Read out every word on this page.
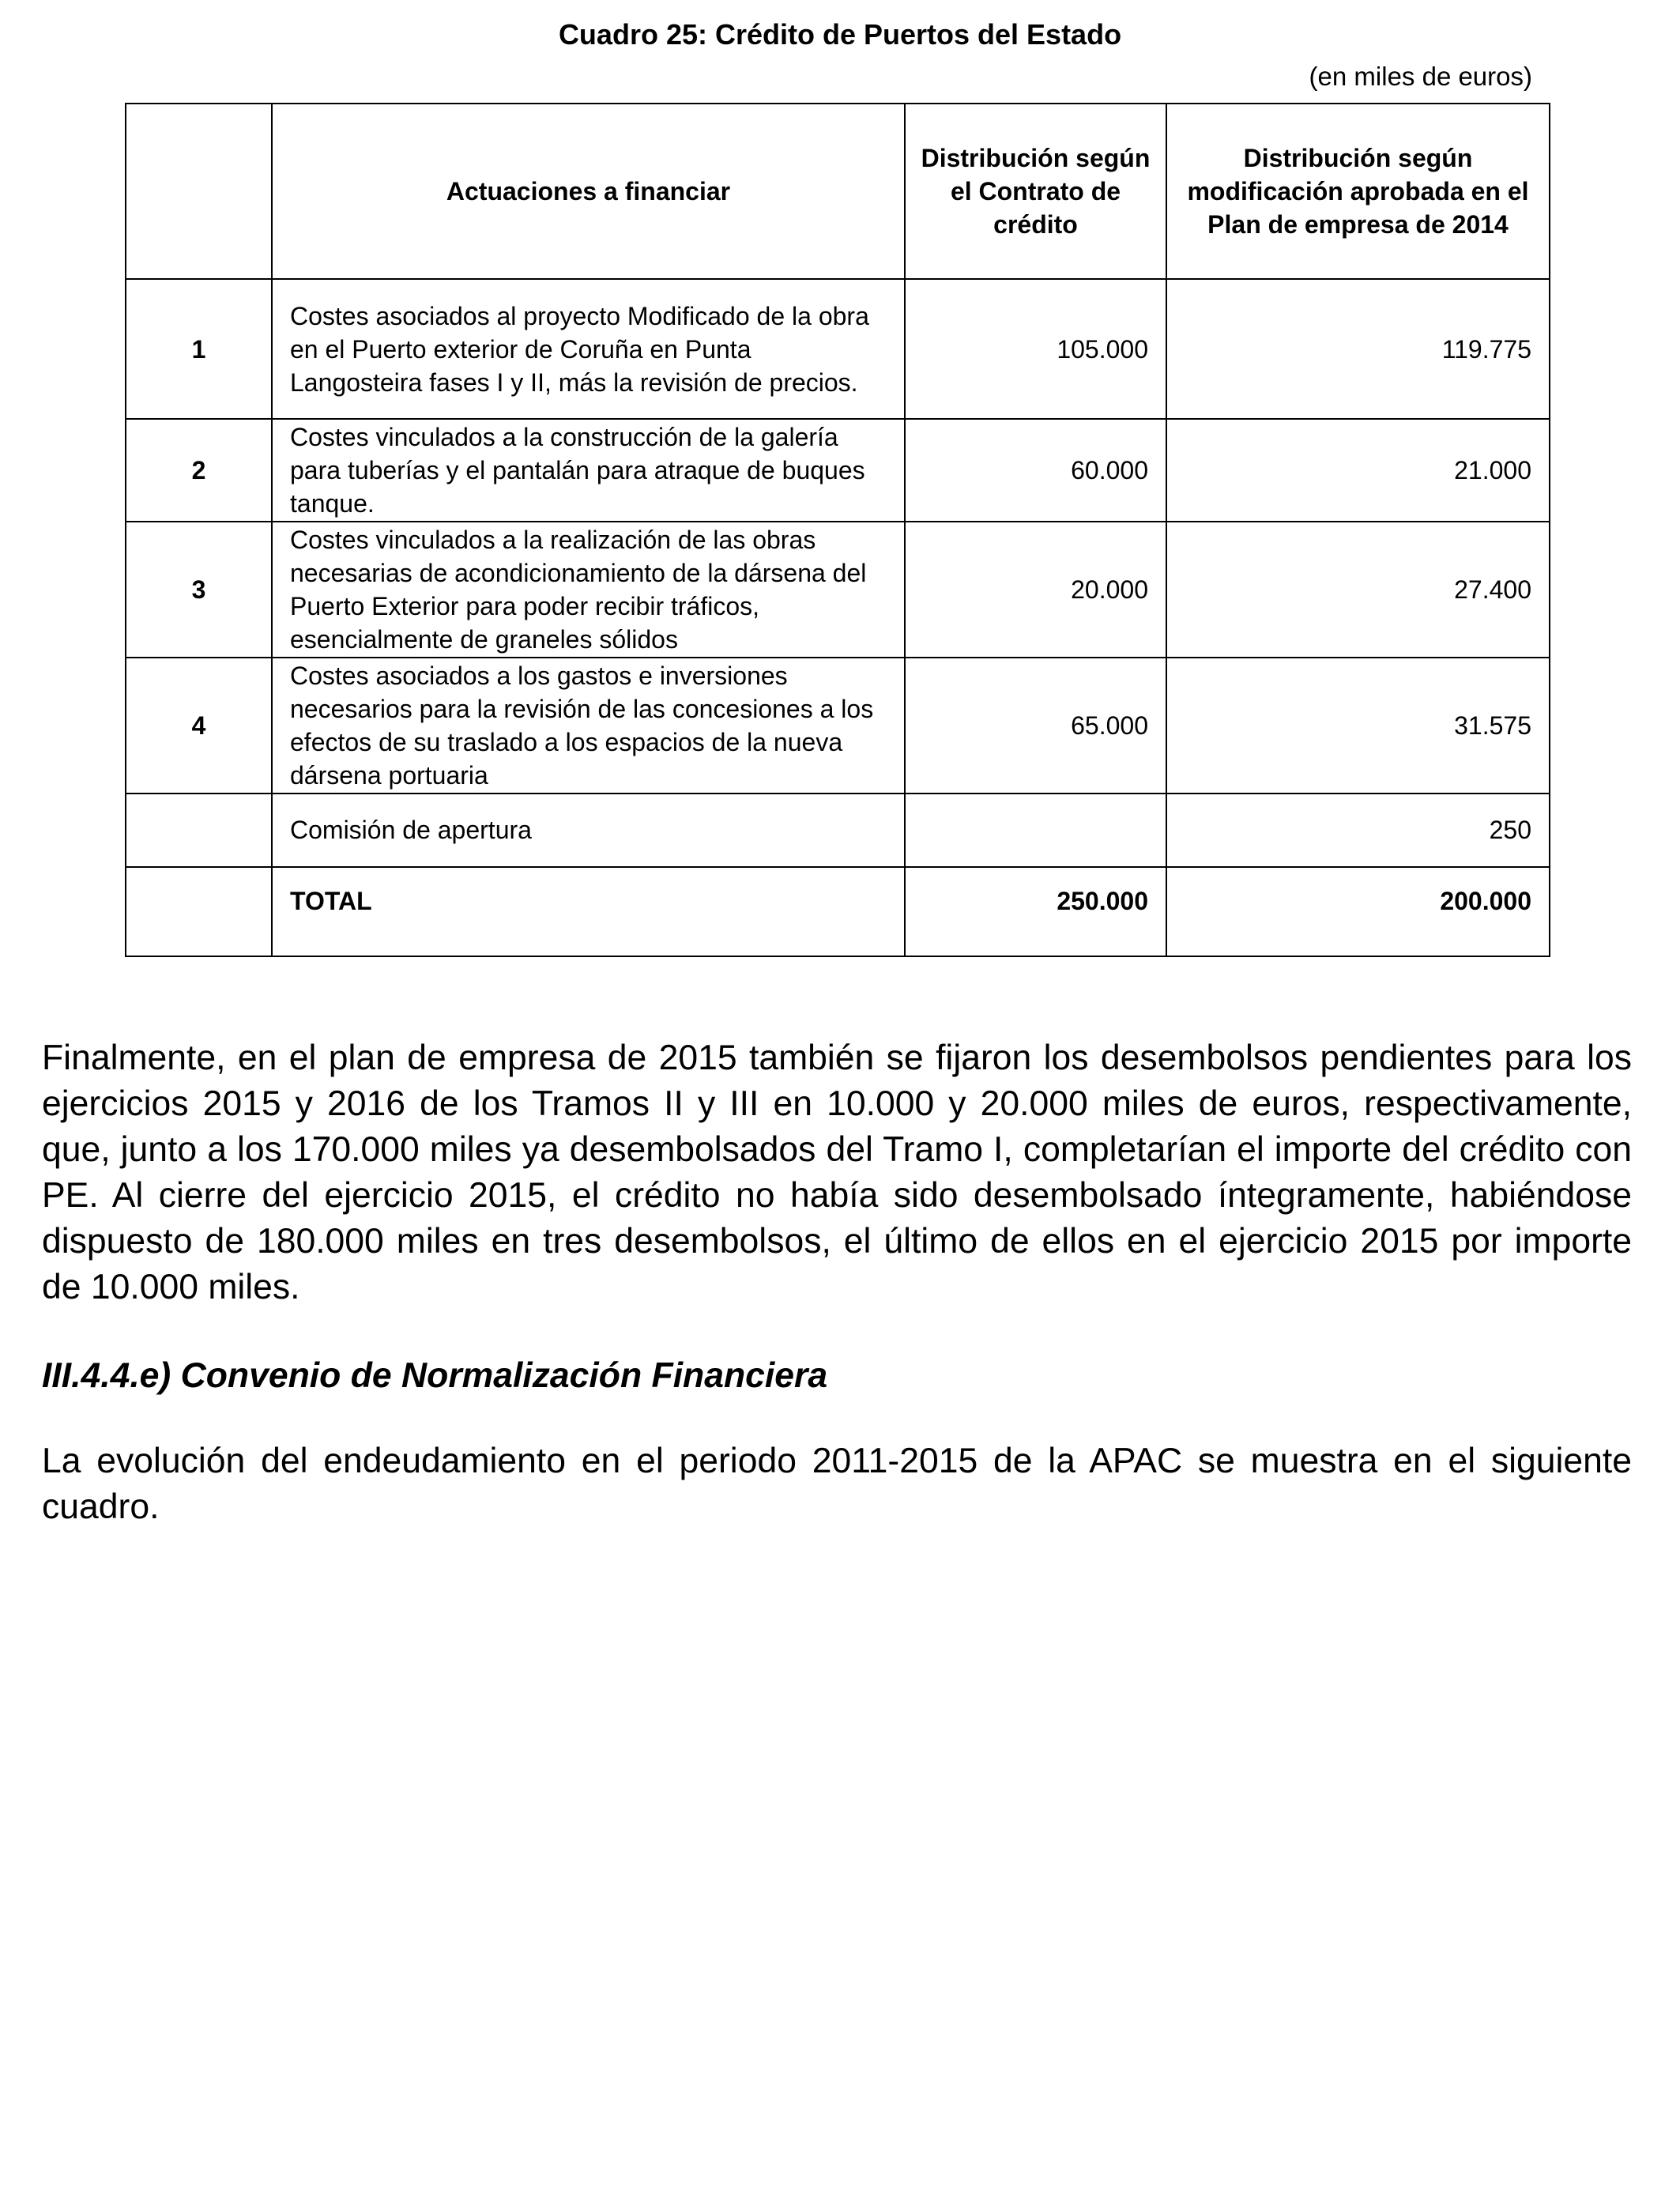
Cuadro 25: Crédito de Puertos del Estado
(en miles de euros)
	Actuaciones a financiar	Distribución según el Contrato de crédito	Distribución según modificación aprobada en el Plan de empresa de 2014
1	Costes asociados al proyecto Modificado de la obra en el Puerto exterior de Coruña en Punta Langosteira fases I y II, más la revisión de precios.	105.000	119.775
2	Costes vinculados a la construcción de la galería para tuberías y el pantalán para atraque de buques tanque.	60.000	21.000
3	Costes vinculados a la realización de las obras necesarias de acondicionamiento de la dársena del Puerto Exterior para poder recibir tráficos, esencialmente de graneles sólidos	20.000	27.400
4	Costes asociados a los gastos e inversiones necesarios para la revisión de las concesiones a los efectos de su traslado a los espacios de la nueva dársena portuaria	65.000	31.575
	Comisión de apertura		250
	TOTAL	250.000	200.000

Finalmente, en el plan de empresa de 2015 también se fijaron los desembolsos pendientes para los ejercicios 2015 y 2016 de los Tramos II y III en 10.000 y 20.000 miles de euros, respectivamente, que, junto a los 170.000 miles ya desembolsados del Tramo I, completarían el importe del crédito con PE. Al cierre del ejercicio 2015, el crédito no había sido desembolsado íntegramente, habiéndose dispuesto de 180.000 miles en tres desembolsos, el último de ellos en el ejercicio 2015 por importe de 10.000 miles.

III.4.4.e) Convenio de Normalización Financiera

La evolución del endeudamiento en el periodo 2011-2015 de la APAC se muestra en el siguiente cuadro.
